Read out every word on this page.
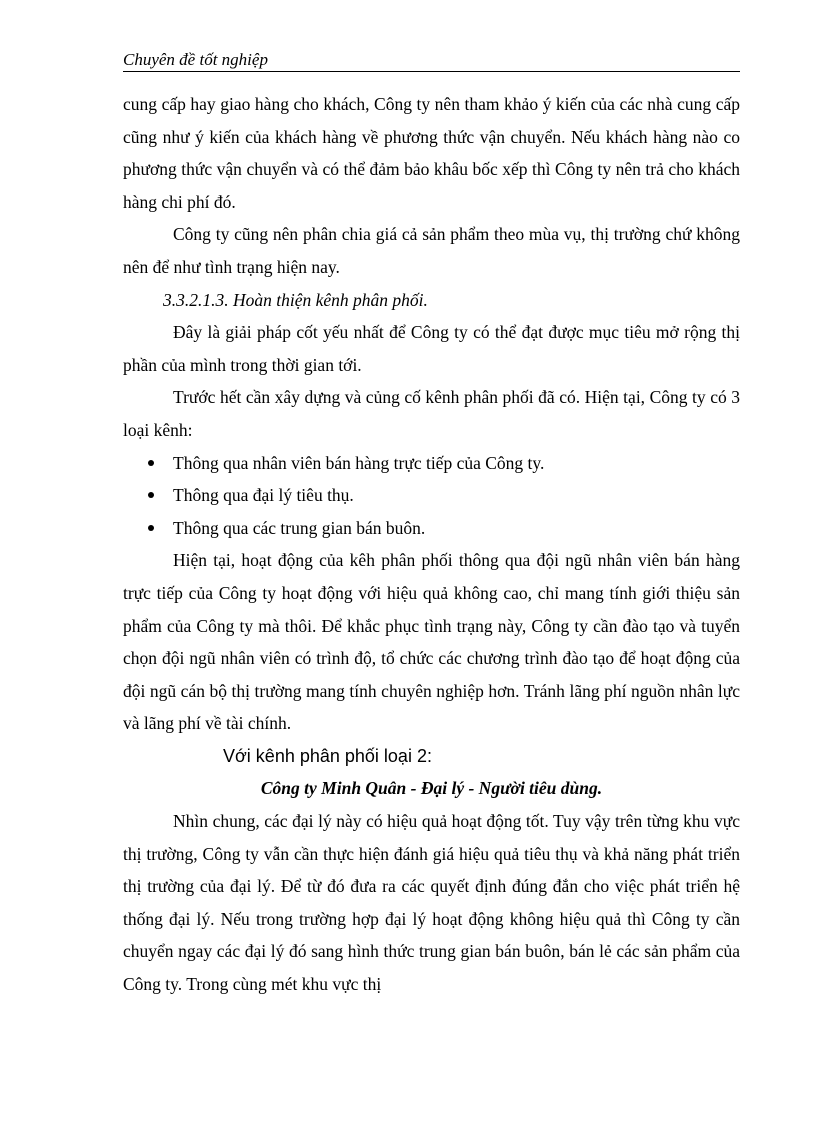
Chuyên đề tốt nghiệp

cung cấp hay giao hàng cho khách, Công ty nên tham khảo ý kiến của các nhà cung cấp cũng như ý kiến của khách hàng về phương thức vận chuyển. Nếu khách hàng nào co phương thức vận chuyển và có thể đảm bảo khâu bốc xếp thì Công ty nên trả cho khách hàng chi phí đó.

Công ty cũng nên phân chia giá cả sản phẩm theo mùa vụ, thị trường chứ không nên để như tình trạng hiện nay.

3.3.2.1.3. Hoàn thiện kênh phân phối.

Đây là giải pháp cốt yếu nhất để Công ty có thể đạt được mục tiêu mở rộng thị phần của mình trong thời gian tới.

Trước hết cần xây dựng và củng cố kênh phân phối đã có. Hiện tại, Công ty có 3 loại kênh:

Thông qua nhân viên bán hàng trực tiếp của Công ty.
Thông qua đại lý tiêu thụ.
Thông qua các trung gian bán buôn.

Hiện tại, hoạt động của kêh phân phối thông qua đội ngũ nhân viên bán hàng trực tiếp của Công ty hoạt động với hiệu quả không cao, chỉ mang tính giới thiệu sản phẩm của Công ty mà thôi. Để khắc phục tình trạng này, Công ty cần đào tạo và tuyển chọn đội ngũ nhân viên có trình độ, tổ chức các chương trình đào tạo để hoạt động của đội ngũ cán bộ thị trường mang tính chuyên nghiệp hơn. Tránh lãng phí nguồn nhân lực và lãng phí về tài chính.

Với kênh phân phối loại 2:

Công ty Minh Quân - Đại lý - Người tiêu dùng.

Nhìn chung, các đại lý này có hiệu quả hoạt động tốt. Tuy vậy trên từng khu vực thị trường, Công ty vẫn cần thực hiện đánh giá hiệu quả tiêu thụ và khả năng phát triển thị trường của đại lý. Để từ đó đưa ra các quyết định đúng đắn cho việc phát triển hệ thống đại lý. Nếu trong trường hợp đại lý hoạt động không hiệu quả thì Công ty cần chuyển ngay các đại lý đó sang hình thức trung gian bán buôn, bán lẻ các sản phẩm của Công ty. Trong cùng mét khu vực thị
